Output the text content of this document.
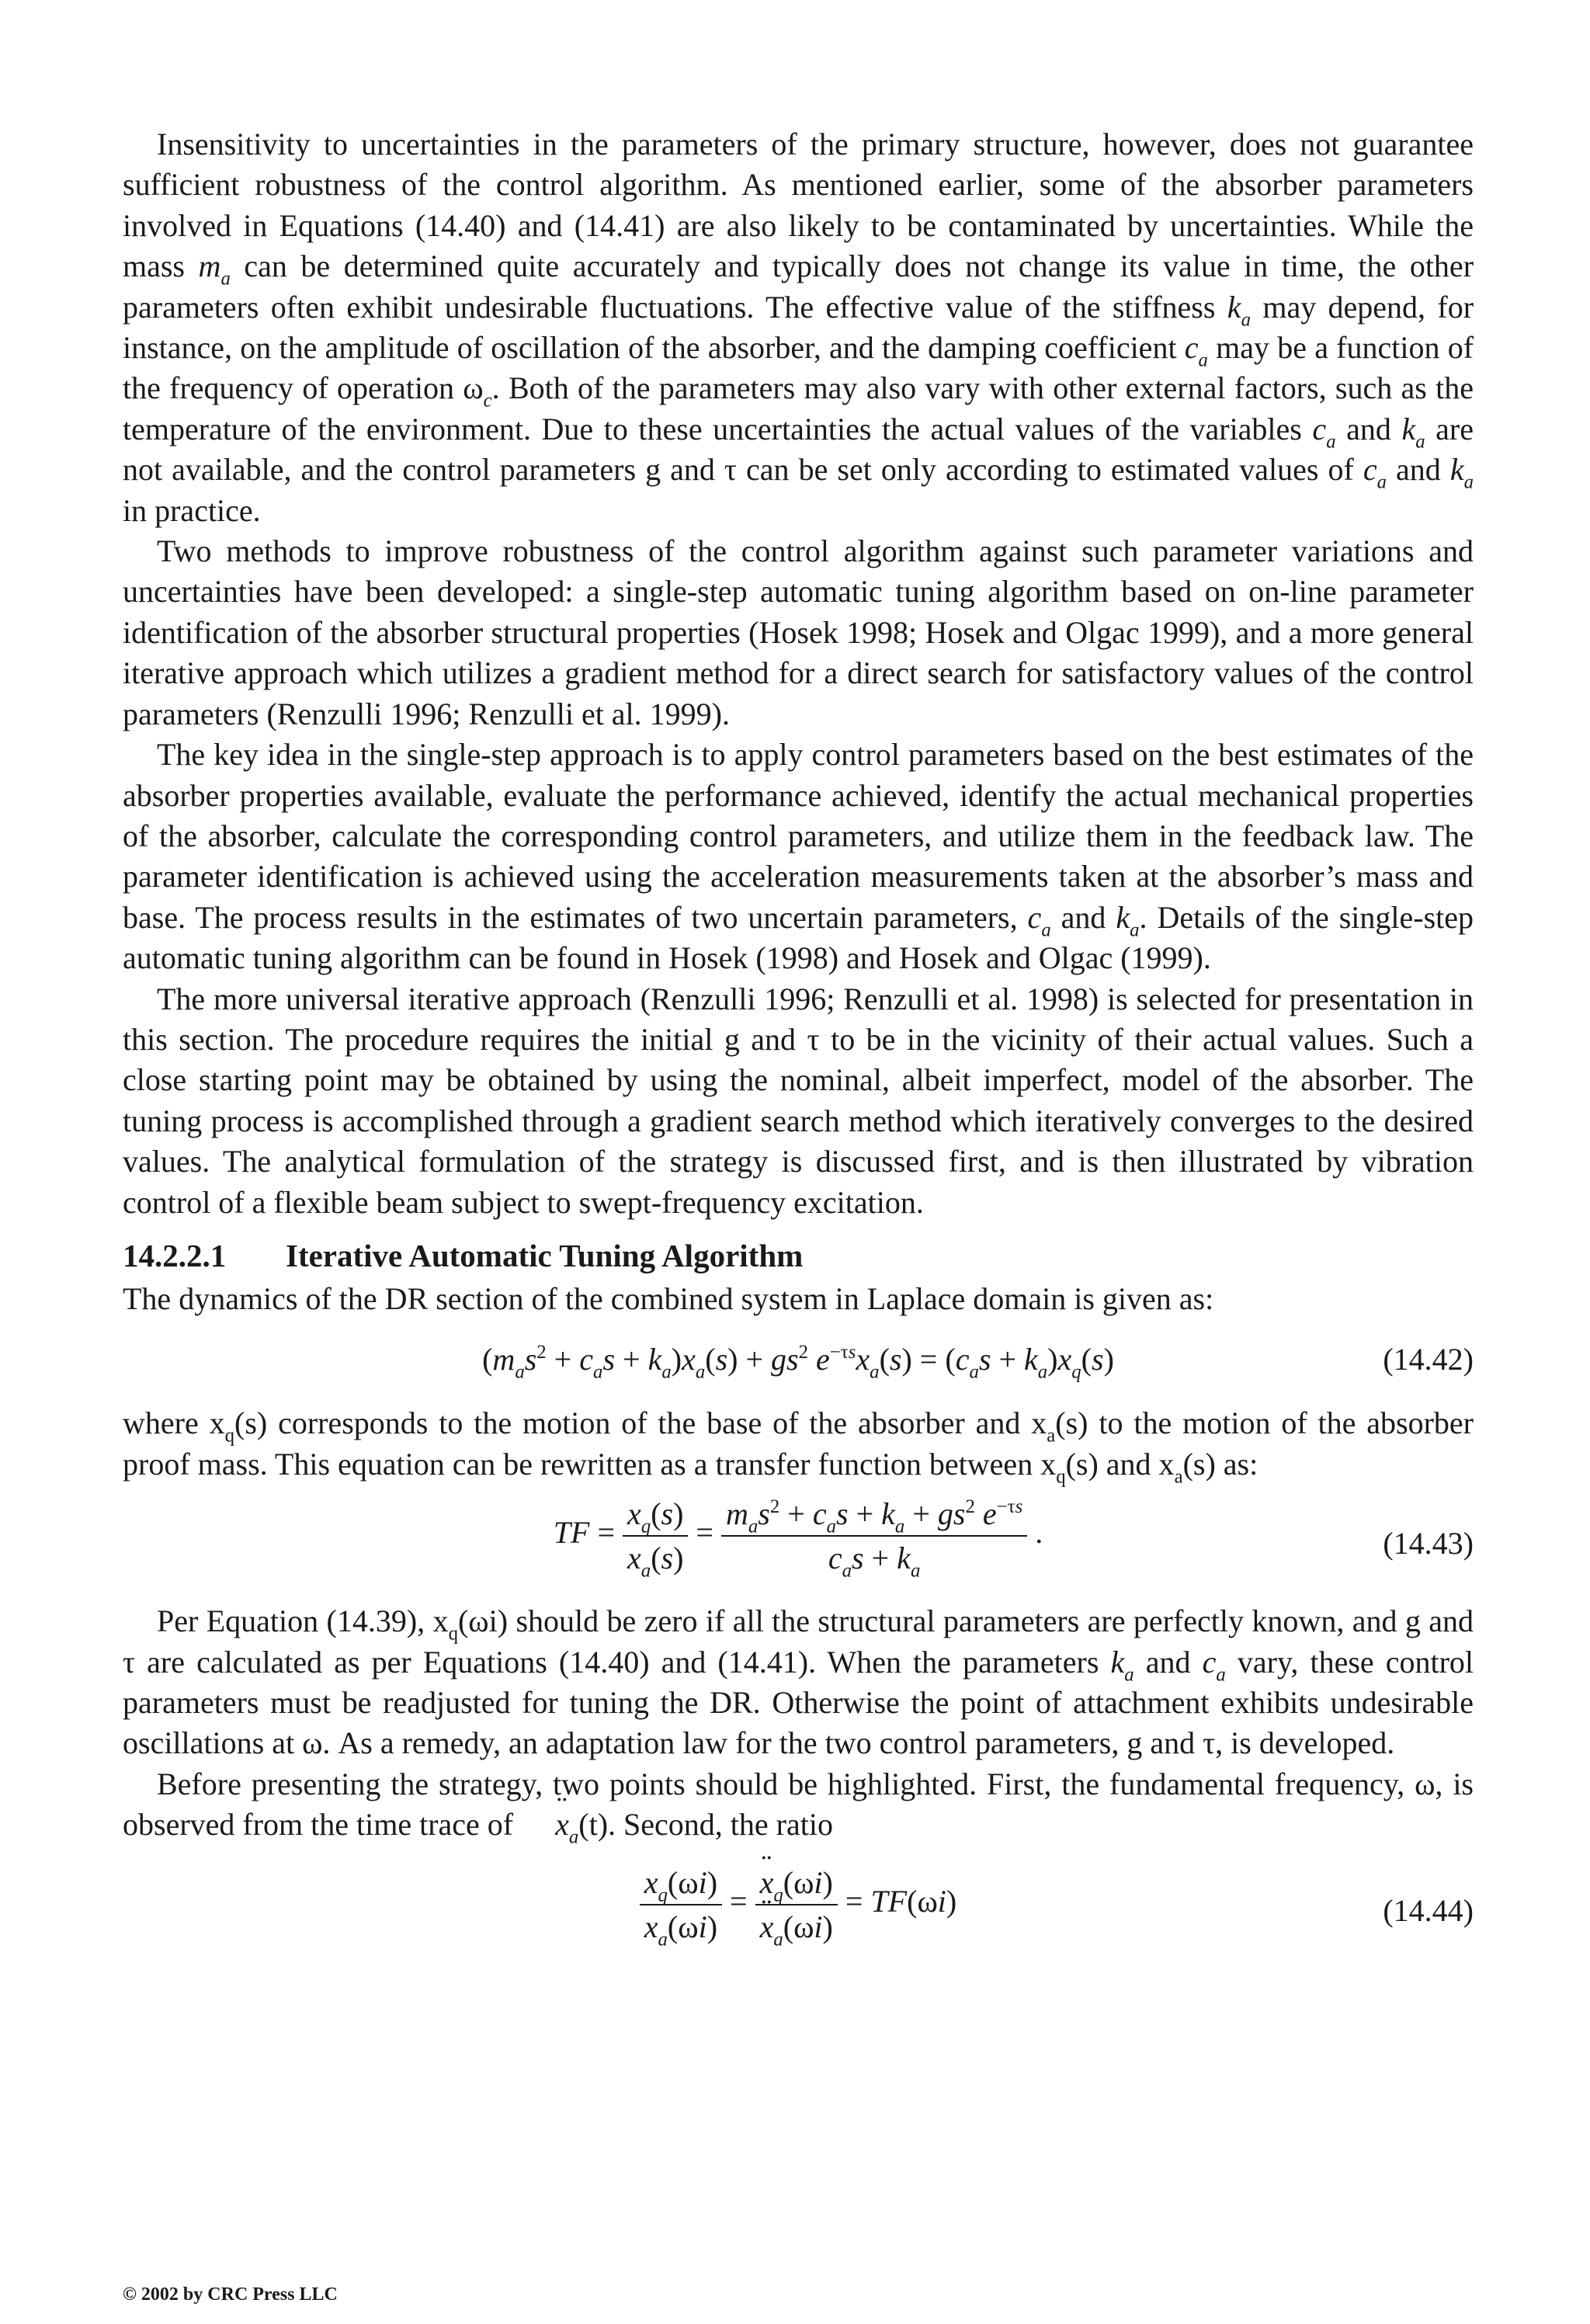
Insensitivity to uncertainties in the parameters of the primary structure, however, does not guarantee sufficient robustness of the control algorithm. As mentioned earlier, some of the absorber parameters involved in Equations (14.40) and (14.41) are also likely to be contaminated by uncertainties. While the mass $m_a$ can be determined quite accurately and typically does not change its value in time, the other parameters often exhibit undesirable fluctuations. The effective value of the stiffness $k_a$ may depend, for instance, on the amplitude of oscillation of the absorber, and the damping coefficient $c_a$ may be a function of the frequency of operation $\omega_c$. Both of the parameters may also vary with other external factors, such as the temperature of the environment. Due to these uncertainties the actual values of the variables $c_a$ and $k_a$ are not available, and the control parameters g and τ can be set only according to estimated values of $c_a$ and $k_a$ in practice.

Two methods to improve robustness of the control algorithm against such parameter variations and uncertainties have been developed: a single-step automatic tuning algorithm based on on-line parameter identification of the absorber structural properties (Hosek 1998; Hosek and Olgac 1999), and a more general iterative approach which utilizes a gradient method for a direct search for satisfactory values of the control parameters (Renzulli 1996; Renzulli et al. 1999).

The key idea in the single-step approach is to apply control parameters based on the best estimates of the absorber properties available, evaluate the performance achieved, identify the actual mechanical properties of the absorber, calculate the corresponding control parameters, and utilize them in the feedback law. The parameter identification is achieved using the acceleration measurements taken at the absorber’s mass and base. The process results in the estimates of two uncertain parameters, $c_a$ and $k_a$. Details of the single-step automatic tuning algorithm can be found in Hosek (1998) and Hosek and Olgac (1999).

The more universal iterative approach (Renzulli 1996; Renzulli et al. 1998) is selected for presentation in this section. The procedure requires the initial g and τ to be in the vicinity of their actual values. Such a close starting point may be obtained by using the nominal, albeit imperfect, model of the absorber. The tuning process is accomplished through a gradient search method which iteratively converges to the desired values. The analytical formulation of the strategy is discussed first, and is then illustrated by vibration control of a flexible beam subject to swept-frequency excitation.

14.2.2.1 Iterative Automatic Tuning Algorithm

The dynamics of the DR section of the combined system in Laplace domain is given as:

$(m_as^2 + c_as + k_a)x_a(s) + gs^2$ $e^{-\tau s}x_a(s) = (c_as + k_a)x_q(s)$	(14.42)

where $x_q(s)$ corresponds to the motion of the base of the absorber and $x_a(s)$ to the motion of the absorber proof mass. This equation can be rewritten as a transfer function between $x_q(s)$ and $x_a(s)$ as:

TF = $\frac{x_q(s)}{x_a(s)} = \frac{m_as^2 + c_as + k_a + gs^2 e^{-\tau s}}{c_as + k_a}$ .	(14.43)

Per Equation (14.39), $x_q(\omega i)$ should be zero if all the structural parameters are perfectly known, and g and τ are calculated as per Equations (14.40) and (14.41). When the parameters $k_a$ and $c_a$ vary, these control parameters must be readjusted for tuning the DR. Otherwise the point of attachment exhibits undesirable oscillations at ω. As a remedy, an adaptation law for the two control parameters, g and τ, is developed.

Before presenting the strategy, two points should be highlighted. First, the fundamental frequency, ω, is observed from the time trace of ¨ $x_a(t)$. Second, the ratio

$\frac{x_q(\omega i)}{x_a(\omega i)}$ = ¨ $x_q(\omega i)$
¨ $x_a(\omega i) = TF(\omega i)$	(14.44)
© 2002 by CRC Press LLC
